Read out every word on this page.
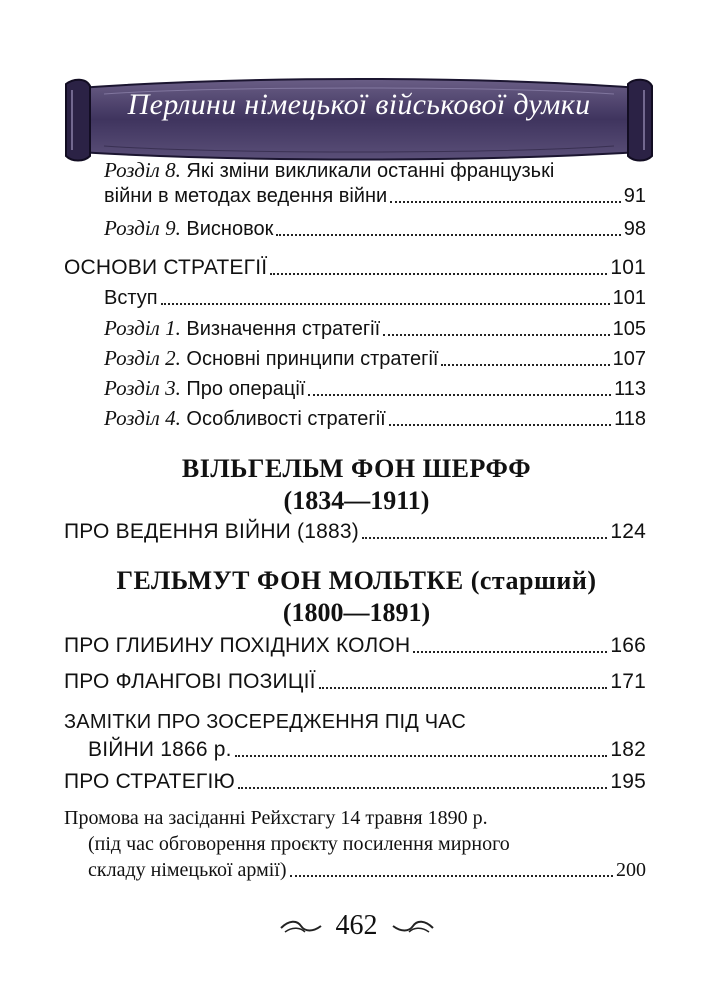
Перлини німецької військової думки
Розділ 8. Які зміни викликали останні французькі
війни в методах ведення війни	91
Розділ 9. Висновок	98
ОСНОВИ СТРАТЕГІЇ	101
Вступ	101
Розділ 1. Визначення стратегії	105
Розділ 2. Основні принципи стратегії	107
Розділ 3. Про операції	113
Розділ 4. Особливості стратегії	118
ВІЛЬГЕЛЬМ ФОН ШЕРФФ
(1834—1911)
ПРО ВЕДЕННЯ ВІЙНИ (1883)	124
ГЕЛЬМУТ ФОН МОЛЬТКЕ (старший)
(1800—1891)
ПРО ГЛИБИНУ ПОХІДНИХ КОЛОН	166
ПРО ФЛАНГОВІ ПОЗИЦІЇ	171
ЗАМІТКИ ПРО ЗОСЕРЕДЖЕННЯ ПІД ЧАС
ВІЙНИ 1866 р.	182
ПРО СТРАТЕГІЮ	195
Промова на засіданні Рейхстагу 14 травня 1890 р.
(під час обговорення проєкту посилення мирного
складу німецької армії)	200
462
